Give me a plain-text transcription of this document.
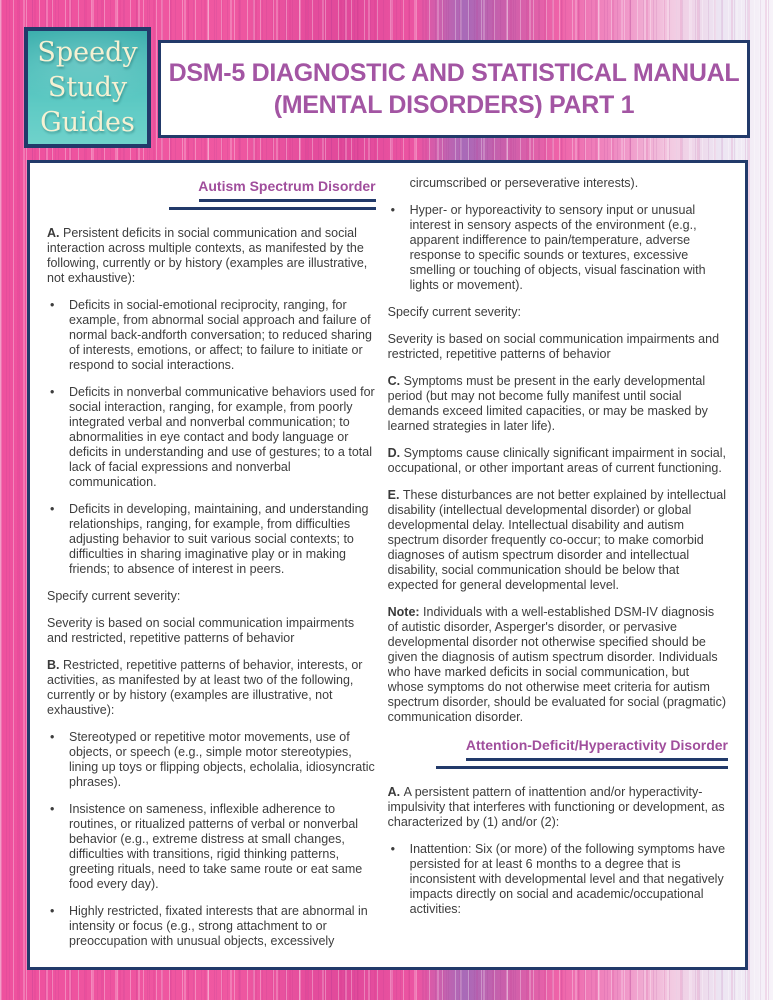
Speedy
Study
Guides
DSM-5 DIAGNOSTIC AND STATISTICAL MANUAL
(MENTAL DISORDERS) PART 1
Autism Spectrum Disorder
A. Persistent deficits in social communication and social interaction across multiple contexts, as manifested by the following, currently or by history (examples are illustrative, not exhaustive):
•	Deficits in social-emotional reciprocity, ranging, for example, from abnormal social approach and failure of normal back-andforth conversation; to reduced sharing of interests, emotions, or affect; to failure to initiate or respond to social interactions.
•	Deficits in nonverbal communicative behaviors used for social interaction, ranging, for example, from poorly integrated verbal and nonverbal communication; to abnormalities in eye contact and body language or deficits in understanding and use of gestures; to a total lack of facial expressions and nonverbal communication.
•	Deficits in developing, maintaining, and understanding relationships, ranging, for example, from difficulties adjusting behavior to suit various social contexts; to difficulties in sharing imaginative play or in making friends; to absence of interest in peers.
Specify current severity:
Severity is based on social communication impairments and restricted, repetitive patterns of behavior
B. Restricted, repetitive patterns of behavior, interests, or activities, as manifested by at least two of the following, currently or by history (examples are illustrative, not exhaustive):
•	Stereotyped or repetitive motor movements, use of objects, or speech (e.g., simple motor stereotypies, lining up toys or flipping objects, echolalia, idiosyncratic phrases).
•	Insistence on sameness, inflexible adherence to routines, or ritualized patterns of verbal or nonverbal behavior (e.g., extreme distress at small changes, difficulties with transitions, rigid thinking patterns, greeting rituals, need to take same route or eat same food every day).
•	Highly restricted, fixated interests that are abnormal in intensity or focus (e.g., strong attachment to or preoccupation with unusual objects, excessively
circumscribed or perseverative interests).
•	Hyper- or hyporeactivity to sensory input or unusual interest in sensory aspects of the environment (e.g., apparent indifference to pain/temperature, adverse response to specific sounds or textures, excessive smelling or touching of objects, visual fascination with lights or movement).
Specify current severity:
Severity is based on social communication impairments and restricted, repetitive patterns of behavior
C. Symptoms must be present in the early developmental period (but may not become fully manifest until social demands exceed limited capacities, or may be masked by learned strategies in later life).
D. Symptoms cause clinically significant impairment in social, occupational, or other important areas of current functioning.
E. These disturbances are not better explained by intellectual disability (intellectual developmental disorder) or global developmental delay. Intellectual disability and autism spectrum disorder frequently co-occur; to make comorbid diagnoses of autism spectrum disorder and intellectual disability, social communication should be below that expected for general developmental level.
Note: Individuals with a well-established DSM-IV diagnosis of autistic disorder, Asperger's disorder, or pervasive developmental disorder not otherwise specified should be given the diagnosis of autism spectrum disorder. Individuals who have marked deficits in social communication, but whose symptoms do not otherwise meet criteria for autism spectrum disorder, should be evaluated for social (pragmatic) communication disorder.
Attention-Deficit/Hyperactivity Disorder
A. A persistent pattern of inattention and/or hyperactivity-impulsivity that interferes with functioning or development, as characterized by (1) and/or (2):
•	Inattention: Six (or more) of the following symptoms have persisted for at least 6 months to a degree that is inconsistent with developmental level and that negatively impacts directly on social and academic/occupational activities:
